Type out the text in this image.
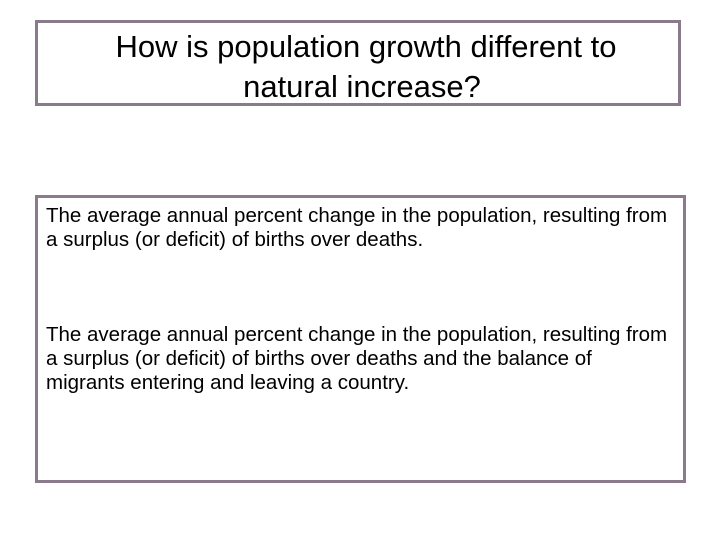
How is population growth different to
natural increase?

The average annual percent change in the population, resulting from a surplus (or deficit) of births over deaths.

The average annual percent change in the population, resulting from a surplus (or deficit) of births over deaths and the balance of migrants entering and leaving a country.
